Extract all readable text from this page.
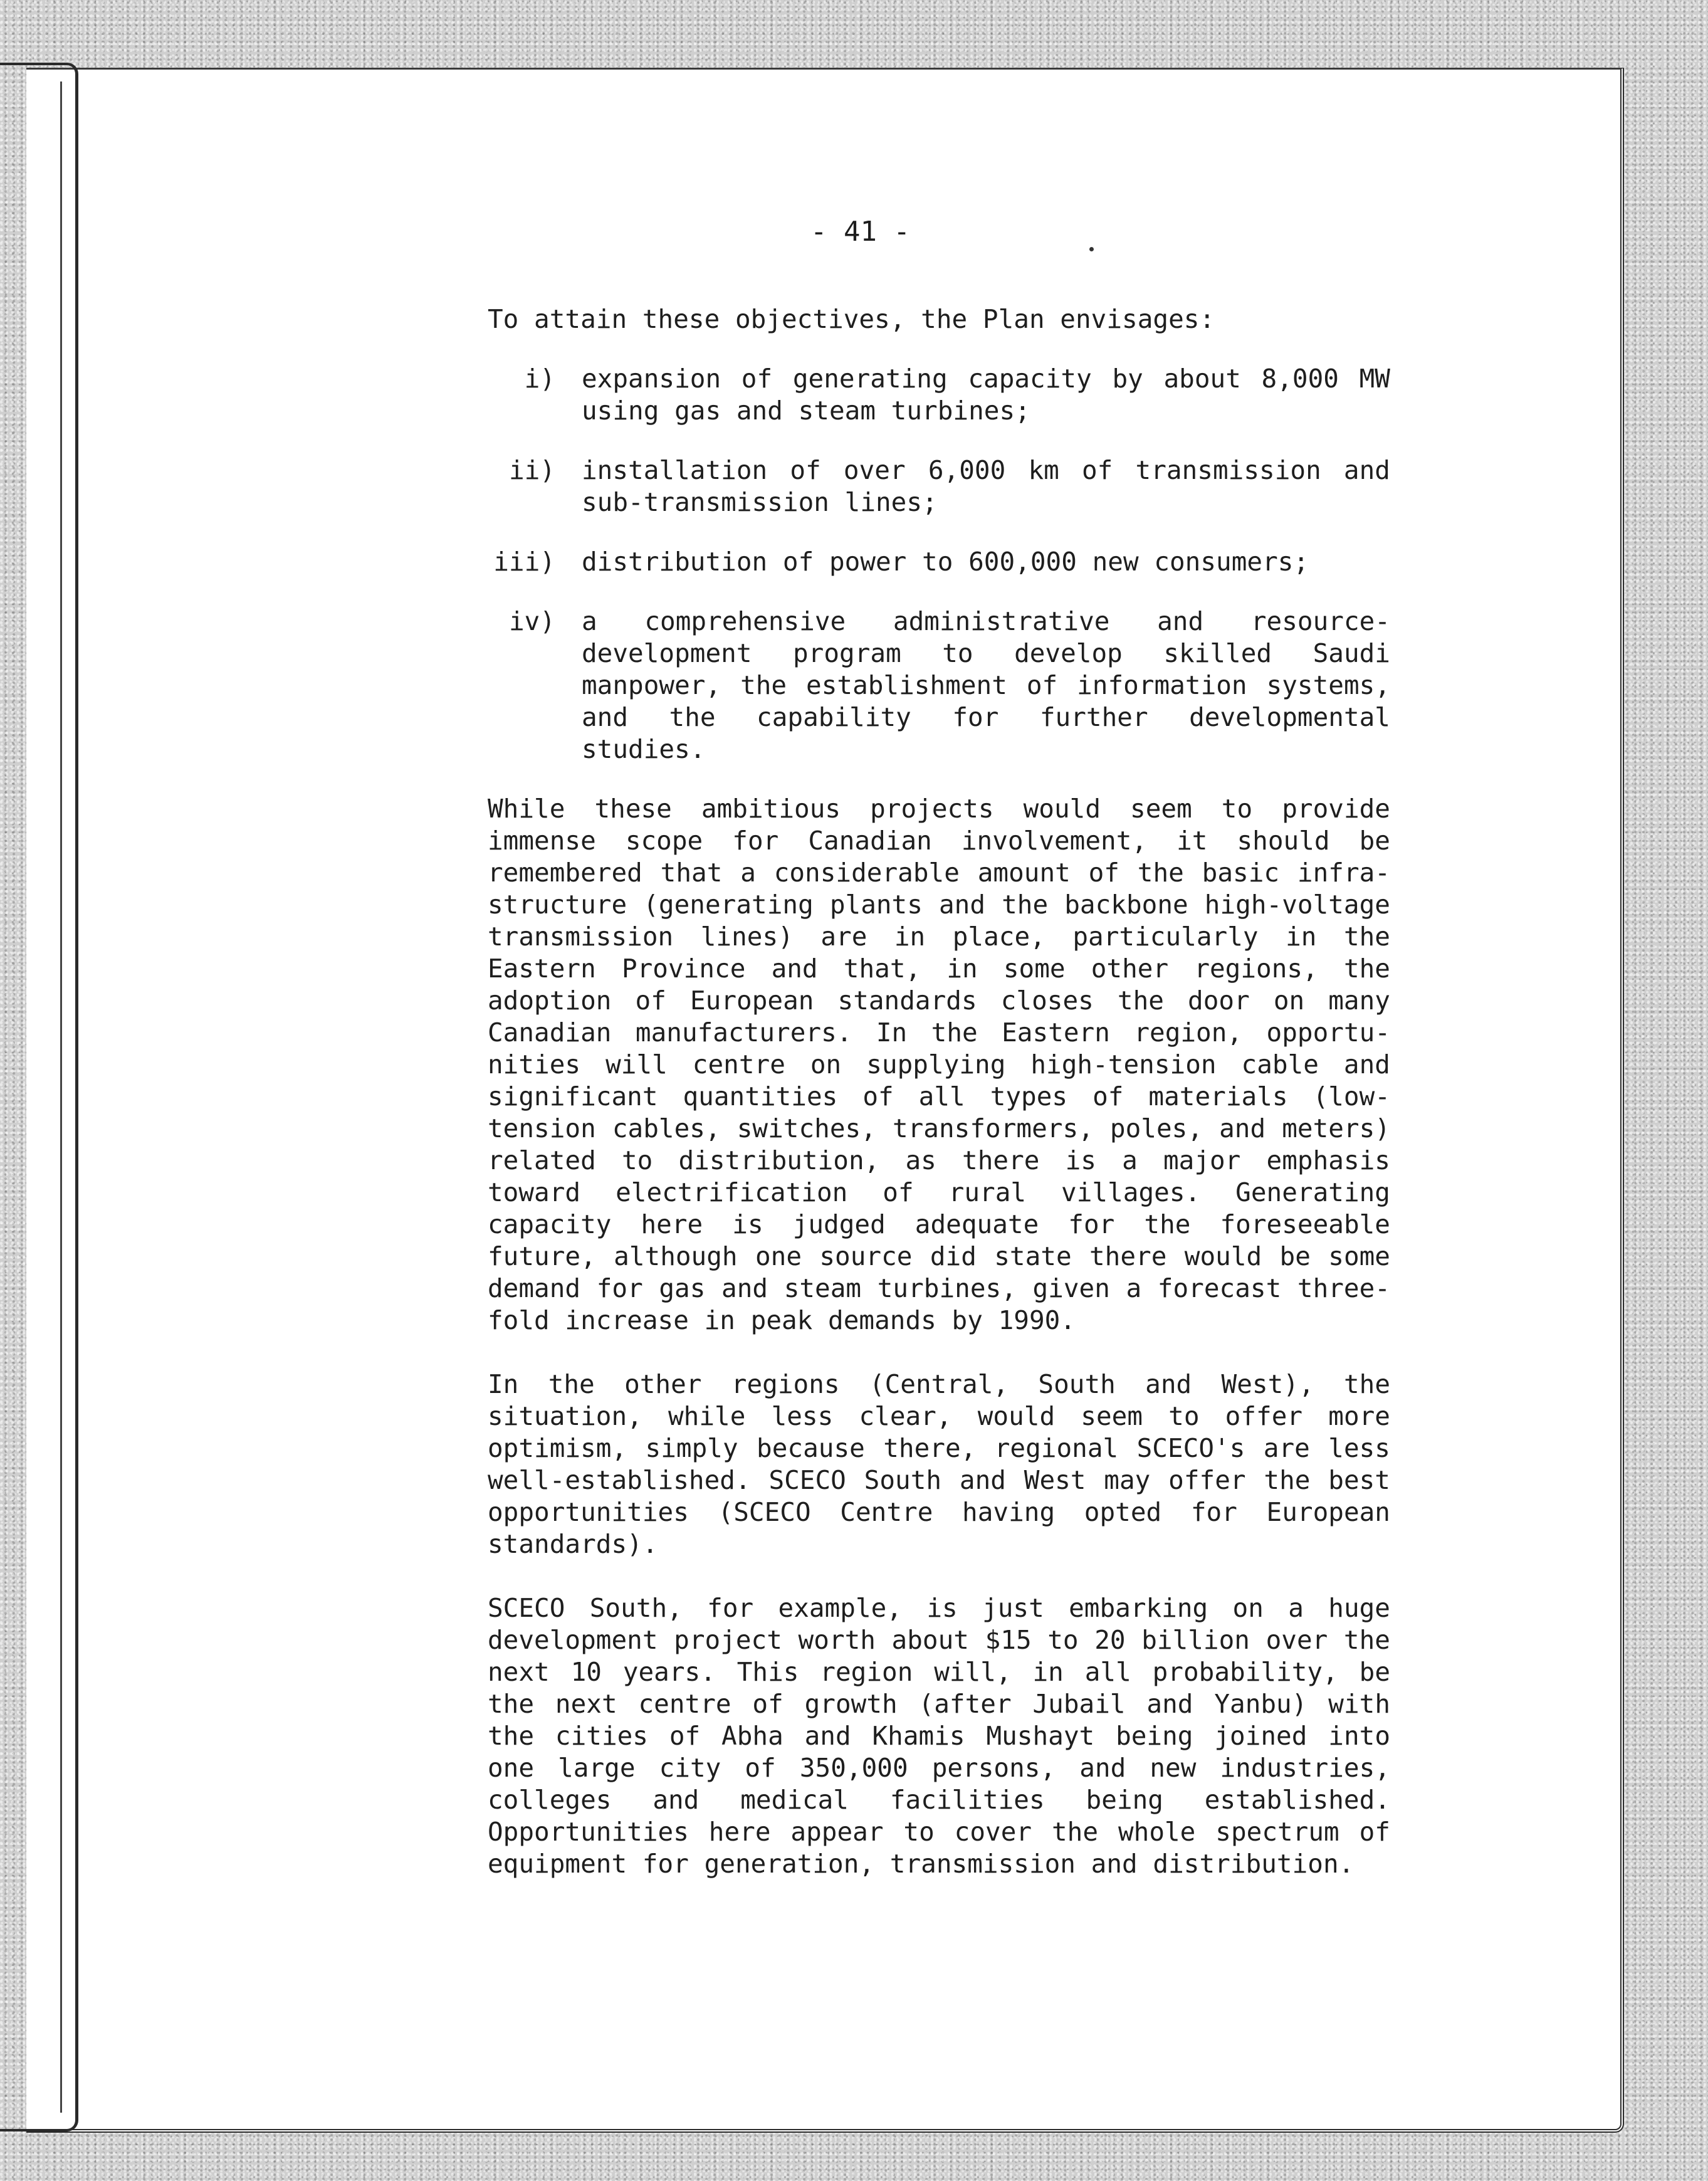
- 41 -

To attain these objectives, the Plan envisages:

i)	expansion of generating capacity by about 8,000 MW using gas and steam turbines;
ii)	installation of over 6,000 km of transmission and sub-transmission lines;
iii)	distribution of power to 600,000 new consumers;
iv)	a comprehensive administrative and resource-development program to develop skilled Saudi manpower, the establishment of information systems, and the capability for further developmental studies.

While these ambitious projects would seem to provide immense scope for Canadian involvement, it should be remembered that a considerable amount of the basic infra-structure (generating plants and the backbone high-voltage transmission lines) are in place, particularly in the Eastern Province and that, in some other regions, the adoption of European standards closes the door on many Canadian manufacturers. In the Eastern region, opportu-nities will centre on supplying high-tension cable and significant quantities of all types of materials (low-tension cables, switches, transformers, poles, and meters) related to distribution, as there is a major emphasis toward electrification of rural villages. Generating capacity here is judged adequate for the foreseeable future, although one source did state there would be some demand for gas and steam turbines, given a forecast three-fold increase in peak demands by 1990.

In the other regions (Central, South and West), the situation, while less clear, would seem to offer more optimism, simply because there, regional SCECO's are less well-established. SCECO South and West may offer the best opportunities (SCECO Centre having opted for European standards).

SCECO South, for example, is just embarking on a huge development project worth about $15 to 20 billion over the next 10 years. This region will, in all probability, be the next centre of growth (after Jubail and Yanbu) with the cities of Abha and Khamis Mushayt being joined into one large city of 350,000 persons, and new industries, colleges and medical facilities being established. Opportunities here appear to cover the whole spectrum of equipment for generation, transmission and distribution.
